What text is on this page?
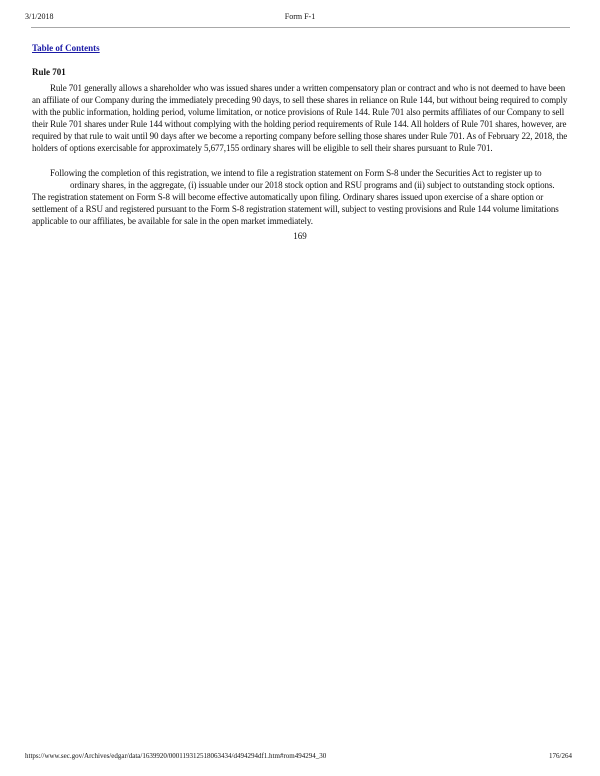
3/1/2018	Form F-1
Table of Contents
Rule 701

Rule 701 generally allows a shareholder who was issued shares under a written compensatory plan or contract and who is not deemed to have been an affiliate of our Company during the immediately preceding 90 days, to sell these shares in reliance on Rule 144, but without being required to comply with the public information, holding period, volume limitation, or notice provisions of Rule 144. Rule 701 also permits affiliates of our Company to sell their Rule 701 shares under Rule 144 without complying with the holding period requirements of Rule 144. All holders of Rule 701 shares, however, are required by that rule to wait until 90 days after we become a reporting company before selling those shares under Rule 701. As of February 22, 2018, the holders of options exercisable for approximately 5,677,155 ordinary shares will be eligible to sell their shares pursuant to Rule 701.

Following the completion of this registration, we intend to file a registration statement on Form S-8 under the Securities Act to register up to
ordinary shares, in the aggregate, (i) issuable under our 2018 stock option and RSU programs and (ii) subject to outstanding stock options.
The registration statement on Form S-8 will become effective automatically upon filing. Ordinary shares issued upon exercise of a share option or settlement of a RSU and registered pursuant to the Form S-8 registration statement will, subject to vesting provisions and Rule 144 volume limitations applicable to our affiliates, be available for sale in the open market immediately.

169
https://www.sec.gov/Archives/edgar/data/1639920/000119312518063434/d494294df1.htm#rom494294_30	176/264
